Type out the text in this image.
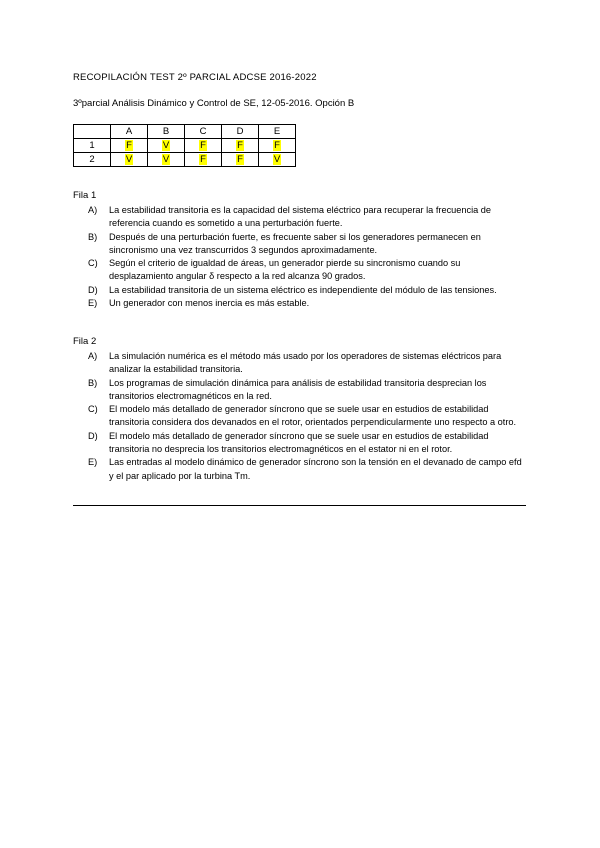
RECOPILACIÓN TEST 2º PARCIAL ADCSE 2016-2022
3ºparcial Análisis Dinámico y Control de SE, 12-05-2016. Opción B
	A	B	C	D	E
1	F	V	F	F	F
2	V	V	F	F	V
Fila 1
A)	La estabilidad transitoria es la capacidad del sistema eléctrico para recuperar la frecuencia de referencia cuando es sometido a una perturbación fuerte.
B)	Después de una perturbación fuerte, es frecuente saber si los generadores permanecen en sincronismo una vez transcurridos 3 segundos aproximadamente.
C)	Según el criterio de igualdad de áreas, un generador pierde su sincronismo cuando su desplazamiento angular δ respecto a la red alcanza 90 grados.
D)	La estabilidad transitoria de un sistema eléctrico es independiente del módulo de las tensiones.
E)	Un generador con menos inercia es más estable.
Fila 2
A)	La simulación numérica es el método más usado por los operadores de sistemas eléctricos para analizar la estabilidad transitoria.
B)	Los programas de simulación dinámica para análisis de estabilidad transitoria desprecian los transitorios electromagnéticos en la red.
C)	El modelo más detallado de generador síncrono que se suele usar en estudios de estabilidad transitoria considera dos devanados en el rotor, orientados perpendicularmente uno respecto a otro.
D)	El modelo más detallado de generador síncrono que se suele usar en estudios de estabilidad transitoria no desprecia los transitorios electromagnéticos en el estator ni en el rotor.
E)	Las entradas al modelo dinámico de generador síncrono son la tensión en el devanado de campo efd y el par aplicado por la turbina Tm.
